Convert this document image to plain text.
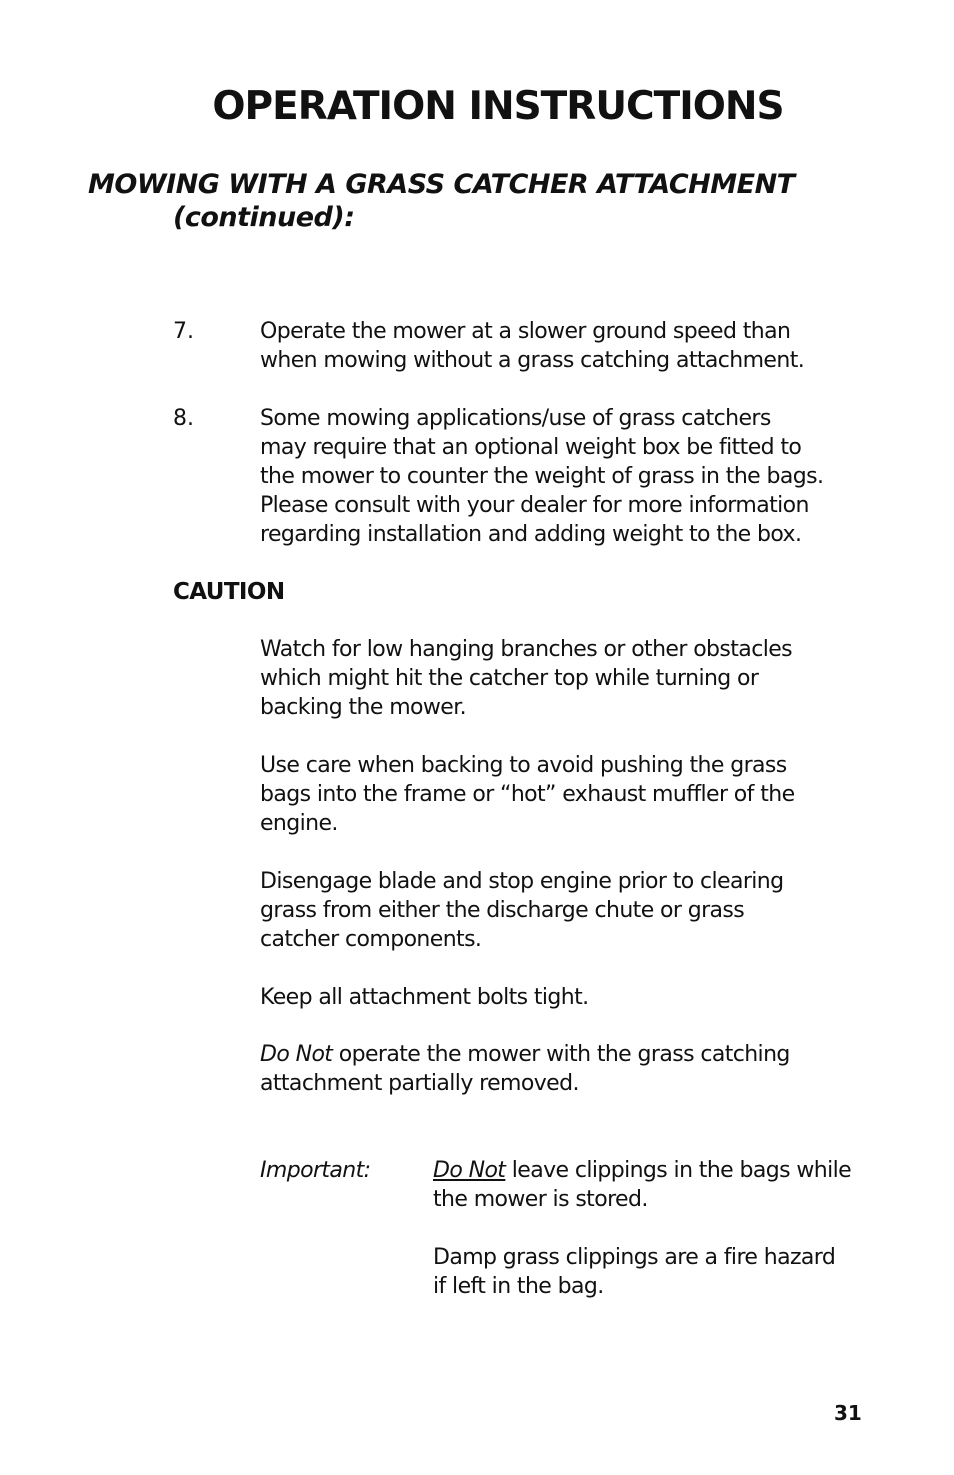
OPERATION INSTRUCTIONS
MOWING WITH A GRASS CATCHER ATTACHMENT
(continued):
7.	Operate the mower at a slower ground speed than
when mowing without a grass catching attachment.
8.	Some mowing applications/use of grass catchers
may require that an optional weight box be fitted to
the mower to counter the weight of grass in the bags.
Please consult with your dealer for more information
regarding installation and adding weight to the box.
CAUTION
Watch for low hanging branches or other obstacles
which might hit the catcher top while turning or
backing the mower.
Use care when backing to avoid pushing the grass
bags into the frame or “hot” exhaust muffler of the
engine.
Disengage blade and stop engine prior to clearing
grass from either the discharge chute or grass
catcher components.
Keep all attachment bolts tight.
Do Not operate the mower with the grass catching
attachment partially removed.
Important:	Do Not leave clippings in the bags while
the mower is stored.
Damp grass clippings are a fire hazard
if left in the bag.
31
